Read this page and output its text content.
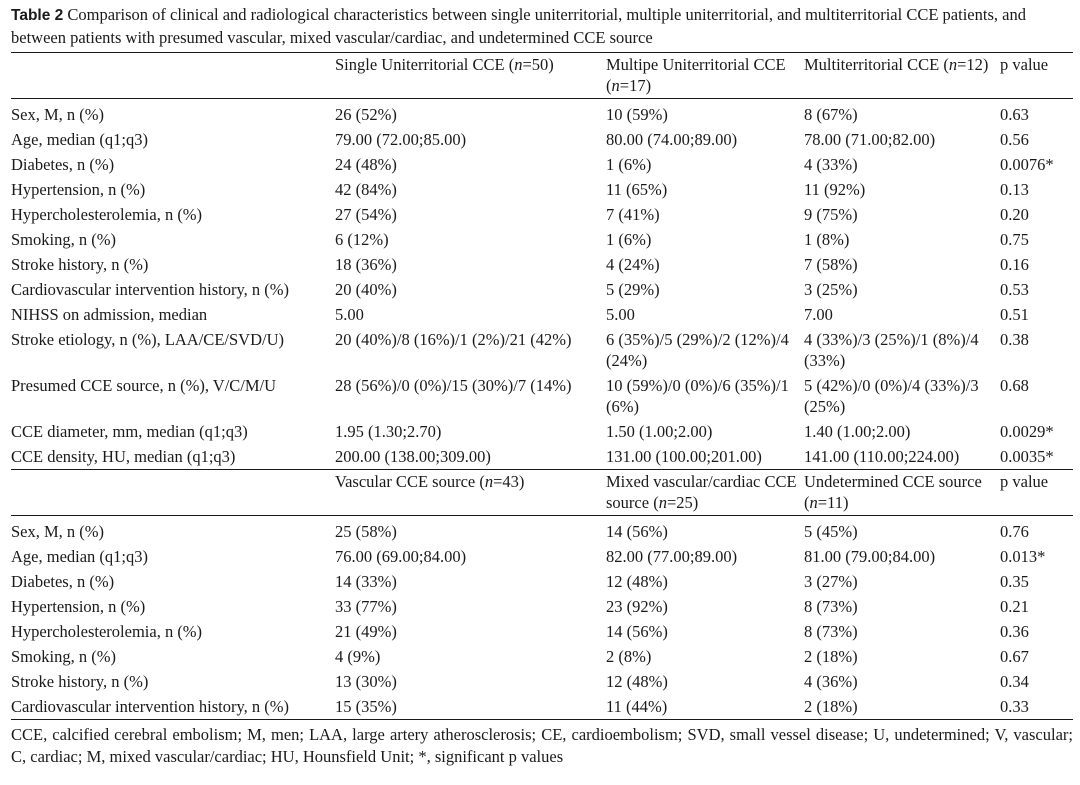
Table 2 Comparison of clinical and radiological characteristics between single uniterritorial, multiple uniterritorial, and multiterritorial CCE patients, and between patients with presumed vascular, mixed vascular/cardiac, and undetermined CCE source

	Single Uniterritorial CCE (n=50)	Multipe Uniterritorial CCE (n=17)	Multiterritorial CCE (n=12)	p value
Sex, M, n (%)	26 (52%)	10 (59%)	8 (67%)	0.63
Age, median (q1;q3)	79.00 (72.00;85.00)	80.00 (74.00;89.00)	78.00 (71.00;82.00)	0.56
Diabetes, n (%)	24 (48%)	1 (6%)	4 (33%)	0.0076*
Hypertension, n (%)	42 (84%)	11 (65%)	11 (92%)	0.13
Hypercholesterolemia, n (%)	27 (54%)	7 (41%)	9 (75%)	0.20
Smoking, n (%)	6 (12%)	1 (6%)	1 (8%)	0.75
Stroke history, n (%)	18 (36%)	4 (24%)	7 (58%)	0.16
Cardiovascular intervention history, n (%)	20 (40%)	5 (29%)	3 (25%)	0.53
NIHSS on admission, median	5.00	5.00	7.00	0.51
Stroke etiology, n (%), LAA/CE/SVD/U)	20 (40%)/8 (16%)/1 (2%)/21 (42%)	6 (35%)/5 (29%)/2 (12%)/4 (24%)	4 (33%)/3 (25%)/1 (8%)/4 (33%)	0.38
Presumed CCE source, n (%), V/C/M/U	28 (56%)/0 (0%)/15 (30%)/7 (14%)	10 (59%)/0 (0%)/6 (35%)/1 (6%)	5 (42%)/0 (0%)/4 (33%)/3 (25%)	0.68
CCE diameter, mm, median (q1;q3)	1.95 (1.30;2.70)	1.50 (1.00;2.00)	1.40 (1.00;2.00)	0.0029*
CCE density, HU, median (q1;q3)	200.00 (138.00;309.00)	131.00 (100.00;201.00)	141.00 (110.00;224.00)	0.0035*
	Vascular CCE source (n=43)	Mixed vascular/cardiac CCE source (n=25)	Undetermined CCE source (n=11)	p value
Sex, M, n (%)	25 (58%)	14 (56%)	5 (45%)	0.76
Age, median (q1;q3)	76.00 (69.00;84.00)	82.00 (77.00;89.00)	81.00 (79.00;84.00)	0.013*
Diabetes, n (%)	14 (33%)	12 (48%)	3 (27%)	0.35
Hypertension, n (%)	33 (77%)	23 (92%)	8 (73%)	0.21
Hypercholesterolemia, n (%)	21 (49%)	14 (56%)	8 (73%)	0.36
Smoking, n (%)	4 (9%)	2 (8%)	2 (18%)	0.67
Stroke history, n (%)	13 (30%)	12 (48%)	4 (36%)	0.34
Cardiovascular intervention history, n (%)	15 (35%)	11 (44%)	2 (18%)	0.33

CCE, calcified cerebral embolism; M, men; LAA, large artery atherosclerosis; CE, cardioembolism; SVD, small vessel disease; U, undetermined; V, vascular; C, cardiac; M, mixed vascular/cardiac; HU, Hounsfield Unit; *, significant p values
